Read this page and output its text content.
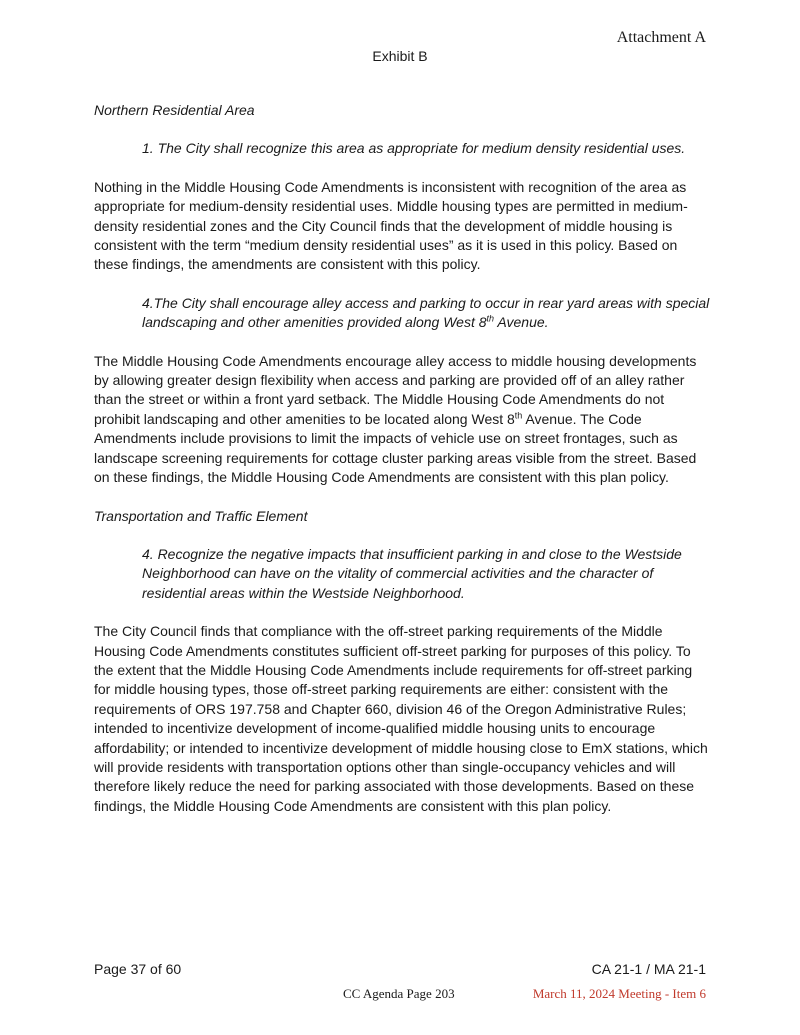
Attachment A
Exhibit B

Northern Residential Area

1. The City shall recognize this area as appropriate for medium density residential uses.

Nothing in the Middle Housing Code Amendments is inconsistent with recognition of the area as appropriate for medium-density residential uses. Middle housing types are permitted in medium-density residential zones and the City Council finds that the development of middle housing is consistent with the term “medium density residential uses” as it is used in this policy. Based on these findings, the amendments are consistent with this policy.

4.The City shall encourage alley access and parking to occur in rear yard areas with special landscaping and other amenities provided along West 8th Avenue.

The Middle Housing Code Amendments encourage alley access to middle housing developments by allowing greater design flexibility when access and parking are provided off of an alley rather than the street or within a front yard setback. The Middle Housing Code Amendments do not prohibit landscaping and other amenities to be located along West 8th Avenue. The Code Amendments include provisions to limit the impacts of vehicle use on street frontages, such as landscape screening requirements for cottage cluster parking areas visible from the street. Based on these findings, the Middle Housing Code Amendments are consistent with this plan policy.

Transportation and Traffic Element

4. Recognize the negative impacts that insufficient parking in and close to the Westside Neighborhood can have on the vitality of commercial activities and the character of residential areas within the Westside Neighborhood.

The City Council finds that compliance with the off-street parking requirements of the Middle Housing Code Amendments constitutes sufficient off-street parking for purposes of this policy. To the extent that the Middle Housing Code Amendments include requirements for off-street parking for middle housing types, those off-street parking requirements are either: consistent with the requirements of ORS 197.758 and Chapter 660, division 46 of the Oregon Administrative Rules; intended to incentivize development of income-qualified middle housing units to encourage affordability; or intended to incentivize development of middle housing close to EmX stations, which will provide residents with transportation options other than single-occupancy vehicles and will therefore likely reduce the need for parking associated with those developments. Based on these findings, the Middle Housing Code Amendments are consistent with this plan policy.

Page 37 of 60	CA 21-1 / MA 21-1
CC Agenda Page 203	March 11, 2024 Meeting - Item 6
